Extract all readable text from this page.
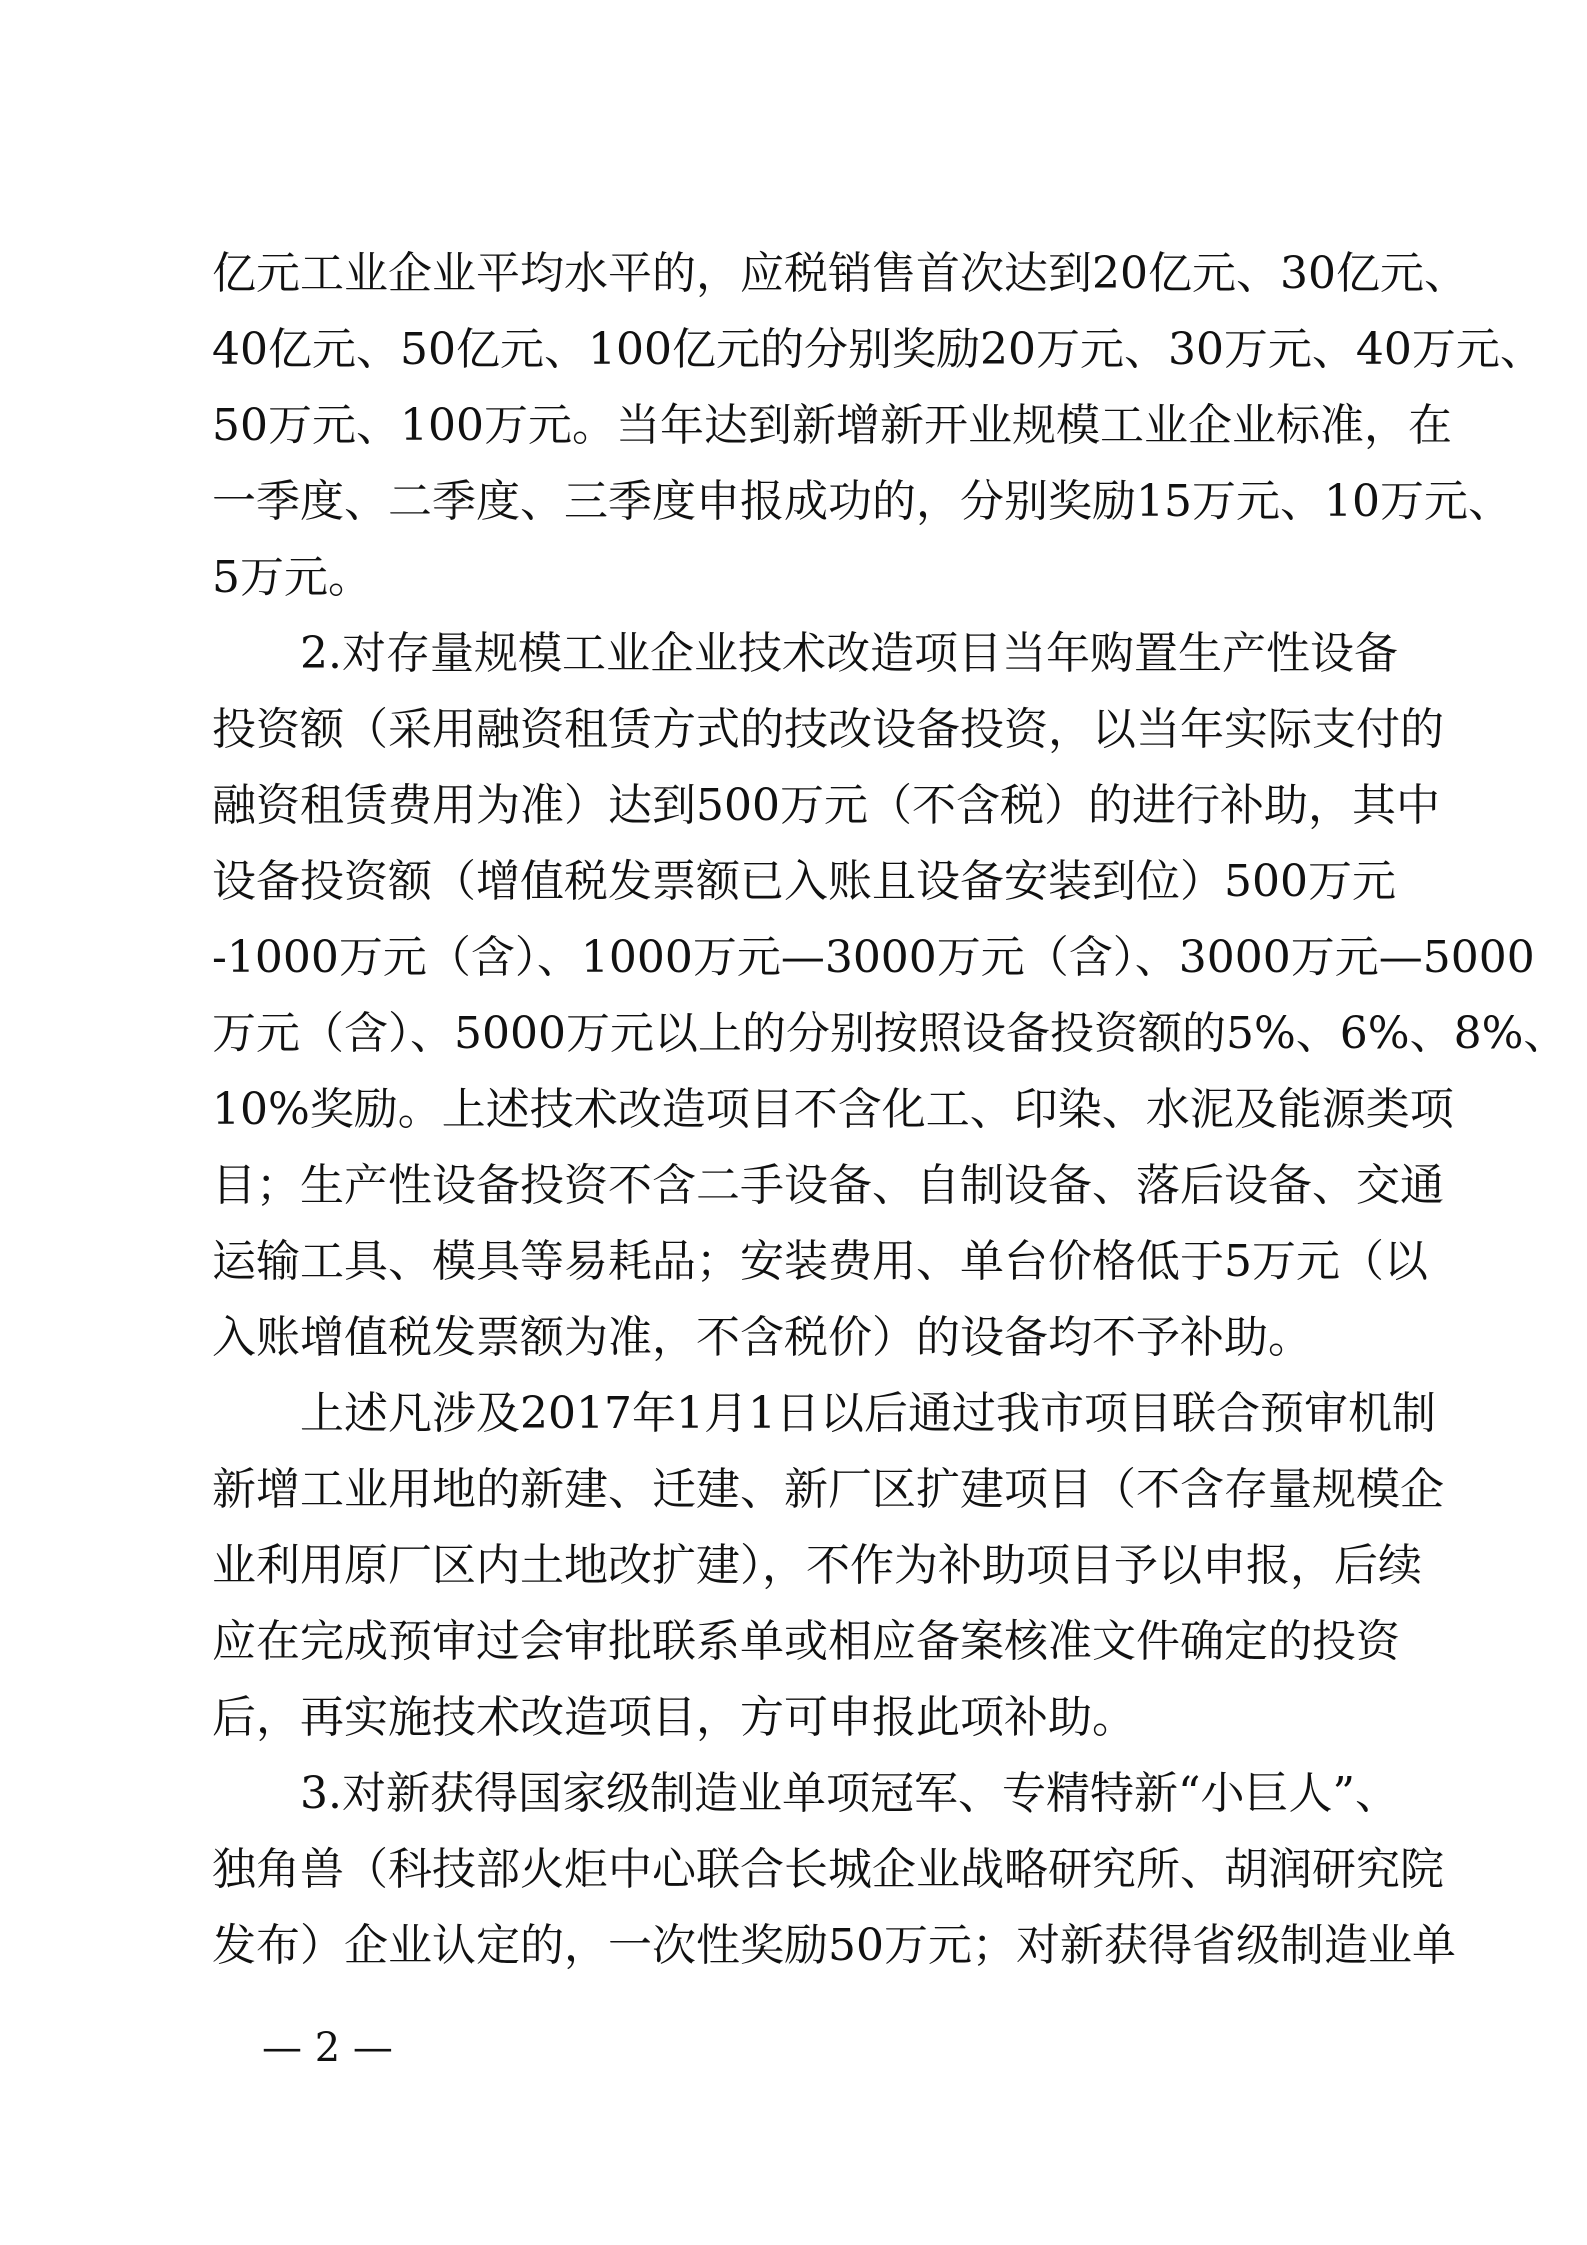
亿元工业企业平均水平的，应税销售首次达到20亿元、30亿元、
40亿元、50亿元、100亿元的分别奖励20万元、30万元、40万元、
50万元、100万元。当年达到新增新开业规模工业企业标准，在
一季度、二季度、三季度申报成功的，分别奖励15万元、10万元、
5万元。
2.对存量规模工业企业技术改造项目当年购置生产性设备
投资额（采用融资租赁方式的技改设备投资，以当年实际支付的
融资租赁费用为准）达到500万元（不含税）的进行补助，其中
设备投资额（增值税发票额已入账且设备安装到位）500万元
-1000万元（含）、1000万元—3000万元（含）、3000万元—5000
万元（含）、5000万元以上的分别按照设备投资额的5%、6%、8%、
10%奖励。上述技术改造项目不含化工、印染、水泥及能源类项
目；生产性设备投资不含二手设备、自制设备、落后设备、交通
运输工具、模具等易耗品；安装费用、单台价格低于5万元（以
入账增值税发票额为准，不含税价）的设备均不予补助。
上述凡涉及2017年1月1日以后通过我市项目联合预审机制
新增工业用地的新建、迁建、新厂区扩建项目（不含存量规模企
业利用原厂区内土地改扩建），不作为补助项目予以申报，后续
应在完成预审过会审批联系单或相应备案核准文件确定的投资
后，再实施技术改造项目，方可申报此项补助。
3.对新获得国家级制造业单项冠军、专精特新“小巨人”、
独角兽（科技部火炬中心联合长城企业战略研究所、胡润研究院
发布）企业认定的，一次性奖励50万元；对新获得省级制造业单
— 2 —
